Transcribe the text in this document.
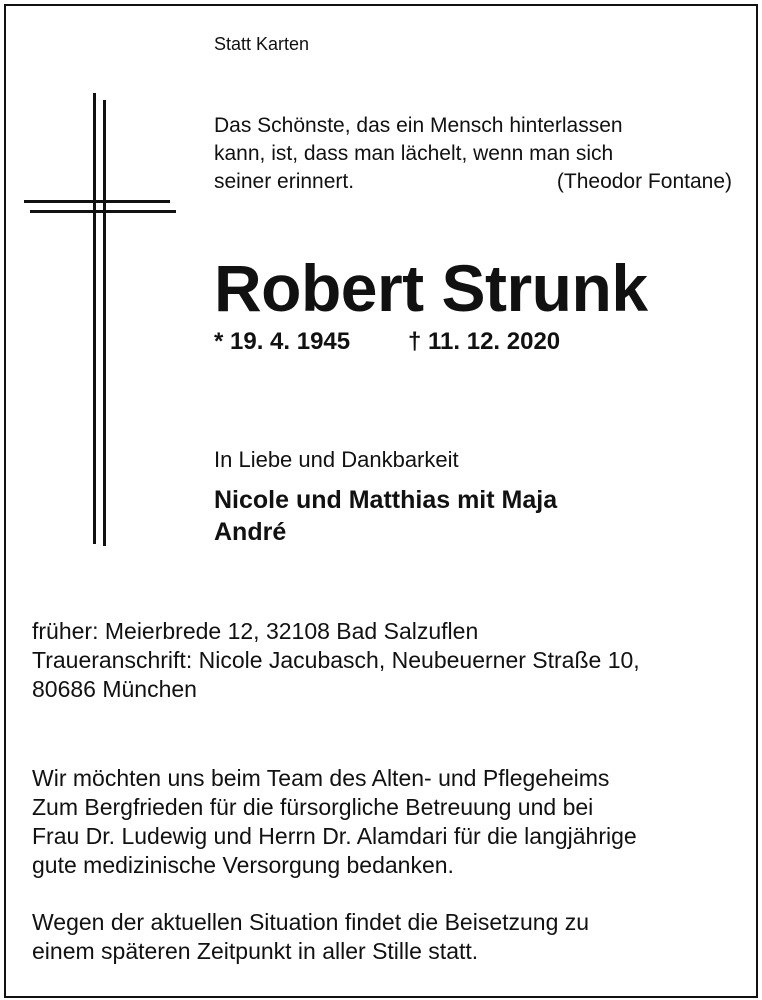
Statt Karten
Das Schönste, das ein Mensch hinterlassen
kann, ist, dass man lächelt, wenn man sich
seiner erinnert.	(Theodor Fontane)
Robert Strunk
* 19. 4. 1945	† 11. 12. 2020
In Liebe und Dankbarkeit
Nicole und Matthias mit Maja
André
früher: Meierbrede 12, 32108 Bad Salzuflen
Traueranschrift: Nicole Jacubasch, Neubeuerner Straße 10,
80686 München
Wir möchten uns beim Team des Alten- und Pflegeheims
Zum Bergfrieden für die fürsorgliche Betreuung und bei
Frau Dr. Ludewig und Herrn Dr. Alamdari für die langjährige
gute medizinische Versorgung bedanken.
Wegen der aktuellen Situation findet die Beisetzung zu
einem späteren Zeitpunkt in aller Stille statt.
